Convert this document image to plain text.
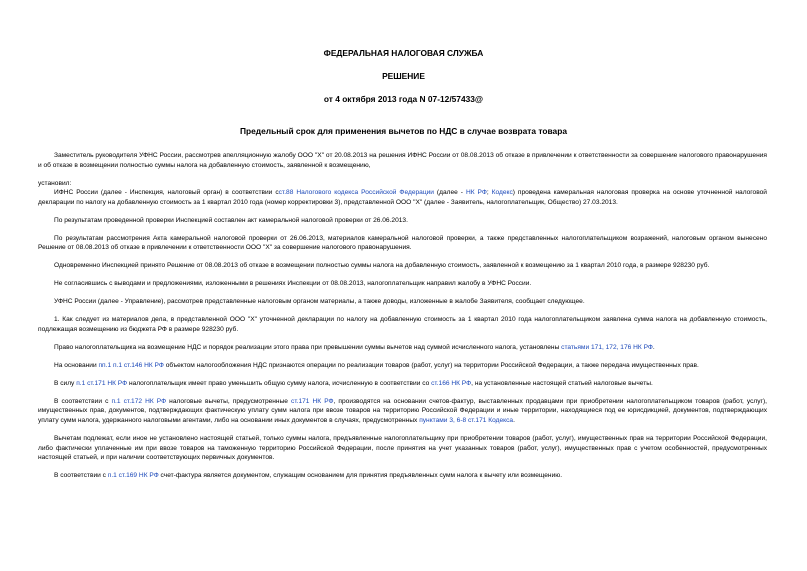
ФЕДЕРАЛЬНАЯ НАЛОГОВАЯ СЛУЖБА
РЕШЕНИЕ
от 4 октября 2013 года N 07-12/57433@
Предельный срок для применения вычетов по НДС в случае возврата товара

Заместитель руководителя УФНС России, рассмотрев апелляционную жалобу ООО "Х" от 20.08.2013 на решения ИФНС России от 08.08.2013 об отказе в привлечении к ответственности за совершение налогового правонарушения и об отказе в возмещении полностью суммы налога на добавленную стоимость, заявленной к возмещению,

установил:

ИФНС России (далее - Инспекция, налоговый орган) в соответствии сст.88 Налогового кодекса Российской Федерации (далее - НК РФ; Кодекс) проведена камеральная налоговая проверка на основе уточненной налоговой декларации по налогу на добавленную стоимость за 1 квартал 2010 года (номер корректировки 3), представленной ООО "Х" (далее - Заявитель, налогоплательщик, Общество) 27.03.2013.

По результатам проведенной проверки Инспекцией составлен акт камеральной налоговой проверки от 26.06.2013.

По результатам рассмотрения Акта камеральной налоговой проверки от 26.06.2013, материалов камеральной налоговой проверки, а также представленных налогоплательщиком возражений, налоговым органом вынесено Решение от 08.08.2013 об отказе в привлечении к ответственности ООО "Х" за совершение налогового правонарушения.

Одновременно Инспекцией принято Решение от 08.08.2013 об отказе в возмещении полностью суммы налога на добавленную стоимость, заявленной к возмещению за 1 квартал 2010 года, в размере 928230 руб.

Не согласившись с выводами и предложениями, изложенными в решениях Инспекции от 08.08.2013, налогоплательщик направил жалобу в УФНС России.

УФНС России (далее - Управление), рассмотрев представленные налоговым органом материалы, а также доводы, изложенные в жалобе Заявителя, сообщает следующее.

1. Как следует из материалов дела, в представленной ООО "Х" уточненной декларации по налогу на добавленную стоимость за 1 квартал 2010 года налогоплательщиком заявлена сумма налога на добавленную стоимость, подлежащая возмещению из бюджета РФ в размере 928230 руб.

Право налогоплательщика на возмещение НДС и порядок реализации этого права при превышении суммы вычетов над суммой исчисленного налога, установлены статьями 171, 172, 176 НК РФ.

На основании пп.1 п.1 ст.146 НК РФ объектом налогообложения НДС признаются операции по реализации товаров (работ, услуг) на территории Российской Федерации, а также передача имущественных прав.

В силу п.1 ст.171 НК РФ налогоплательщик имеет право уменьшить общую сумму налога, исчисленную в соответствии со ст.166 НК РФ, на установленные настоящей статьей налоговые вычеты.

В соответствии с п.1 ст.172 НК РФ налоговые вычеты, предусмотренные ст.171 НК РФ, производятся на основании счетов-фактур, выставленных продавцами при приобретении налогоплательщиком товаров (работ, услуг), имущественных прав, документов, подтверждающих фактическую уплату сумм налога при ввозе товаров на территорию Российской Федерации и иные территории, находящиеся под ее юрисдикцией, документов, подтверждающих уплату сумм налога, удержанного налоговыми агентами, либо на основании иных документов в случаях, предусмотренных пунктами 3, 6-8 ст.171 Кодекса.

Вычетам подлежат, если иное не установлено настоящей статьей, только суммы налога, предъявленные налогоплательщику при приобретении товаров (работ, услуг), имущественных прав на территории Российской Федерации, либо фактически уплаченные им при ввозе товаров на таможенную территорию Российской Федерации, после принятия на учет указанных товаров (работ, услуг), имущественных прав с учетом особенностей, предусмотренных настоящей статьей, и при наличии соответствующих первичных документов.

В соответствии с п.1 ст.169 НК РФ счет-фактура является документом, служащим основанием для принятия предъявленных сумм налога к вычету или возмещению.
